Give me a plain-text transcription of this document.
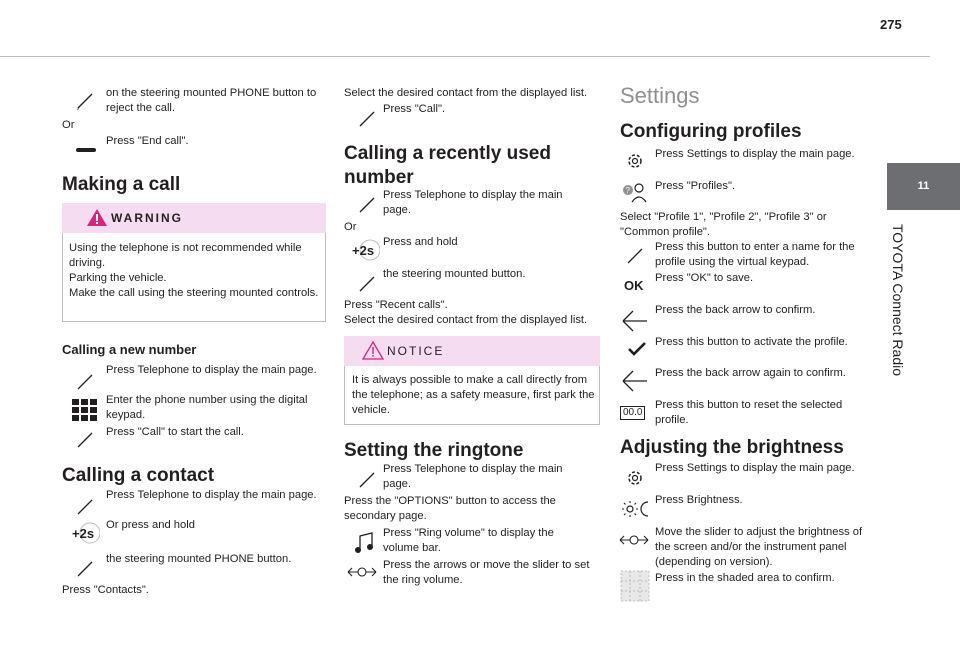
275
11
TOYOTA Connect Radio
on the steering mounted PHONE button to reject the call.
Or
Press "End call".
Making a call
WARNING
Using the telephone is not recommended while driving.
Parking the vehicle.
Make the call using the steering mounted controls.
Calling a new number
Press Telephone to display the main page.
Enter the phone number using the digital keypad.
Press "Call" to start the call.
Calling a contact
Press Telephone to display the main page.
+2s
Or press and hold
the steering mounted PHONE button.
Press "Contacts".
Select the desired contact from the displayed list.
Press "Call".
Calling a recently used number
Press Telephone to display the main page.
Or
+2s
Press and hold
the steering mounted button.
Press "Recent calls".
Select the desired contact from the displayed list.
NOTICE
It is always possible to make a call directly from the telephone; as a safety measure, first park the vehicle.
Setting the ringtone
Press Telephone to display the main page.
Press the "OPTIONS" button to access the secondary page.
Press "Ring volume" to display the volume bar.
Press the arrows or move the slider to set the ring volume.
Settings
Configuring profiles
Press Settings to display the main page.
? Press "Profiles".
Select "Profile 1", "Profile 2", "Profile 3" or "Common profile".
Press this button to enter a name for the profile using the virtual keypad.
OK Press "OK" to save.
Press the back arrow to confirm.
Press this button to activate the profile.
Press the back arrow again to confirm.
00.0
Press this button to reset the selected profile.
Adjusting the brightness
Press Settings to display the main page.
Press Brightness.
Move the slider to adjust the brightness of the screen and/or the instrument panel (depending on version).
Press in the shaded area to confirm.
